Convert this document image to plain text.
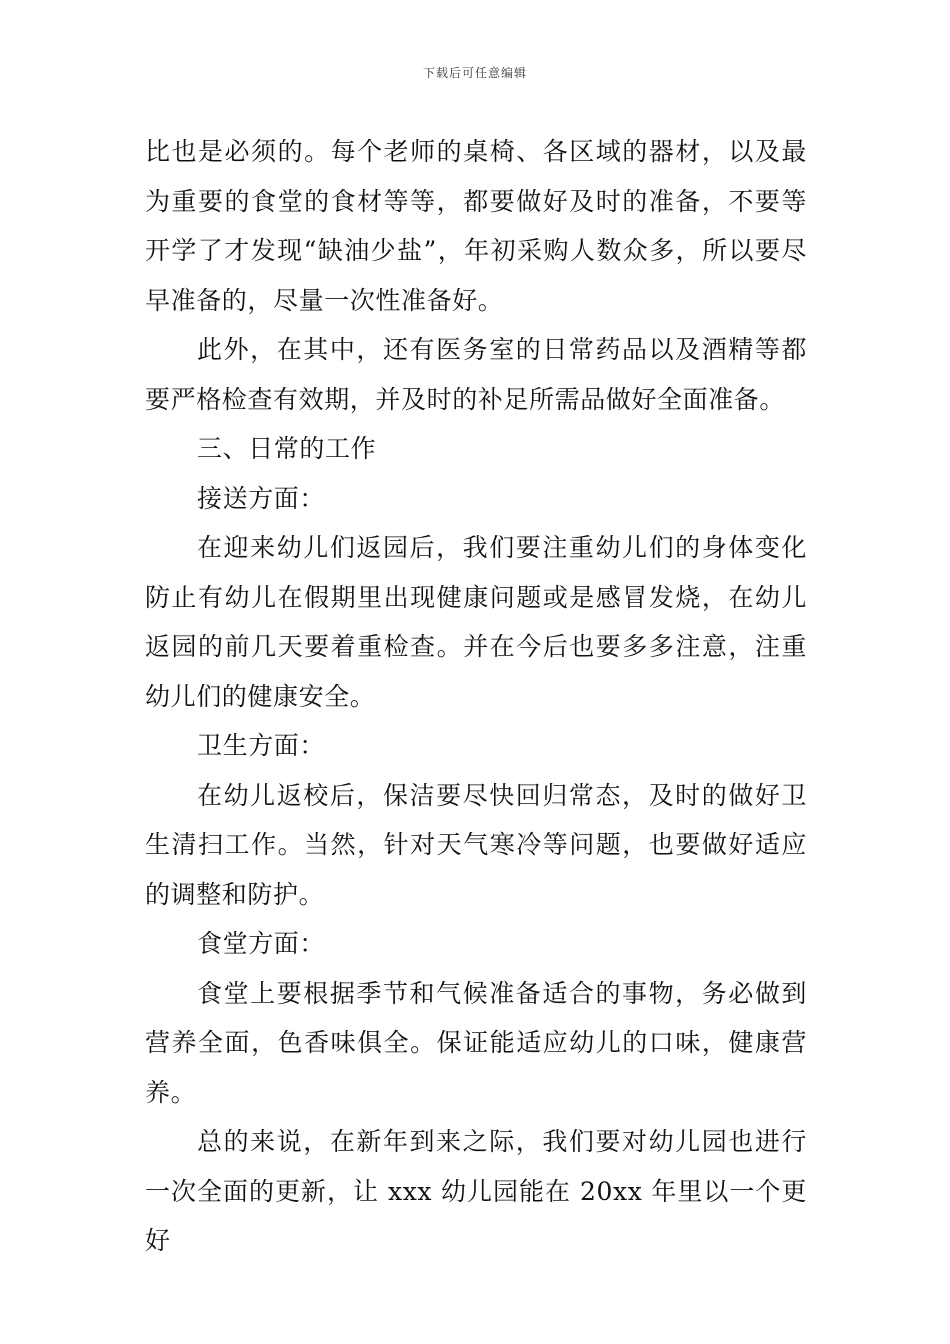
下载后可任意编辑

比也是必须的。每个老师的桌椅、各区域的器材，以及最为重要的食堂的食材等等，都要做好及时的准备，不要等开学了才发现“缺油少盐”，年初采购人数众多，所以要尽早准备的，尽量一次性准备好。

此外，在其中，还有医务室的日常药品以及酒精等都要严格检查有效期，并及时的补足所需品做好全面准备。

三、日常的工作

接送方面：

在迎来幼儿们返园后，我们要注重幼儿们的身体变化防止有幼儿在假期里出现健康问题或是感冒发烧，在幼儿返园的前几天要着重检查。并在今后也要多多注意，注重幼儿们的健康安全。

卫生方面：

在幼儿返校后，保洁要尽快回归常态，及时的做好卫生清扫工作。当然，针对天气寒冷等问题，也要做好适应的调整和防护。

食堂方面：

食堂上要根据季节和气候准备适合的事物，务必做到营养全面，色香味俱全。保证能适应幼儿的口味，健康营养。

总的来说，在新年到来之际，我们要对幼儿园也进行一次全面的更新，让 xxx 幼儿园能在 20xx 年里以一个更好
